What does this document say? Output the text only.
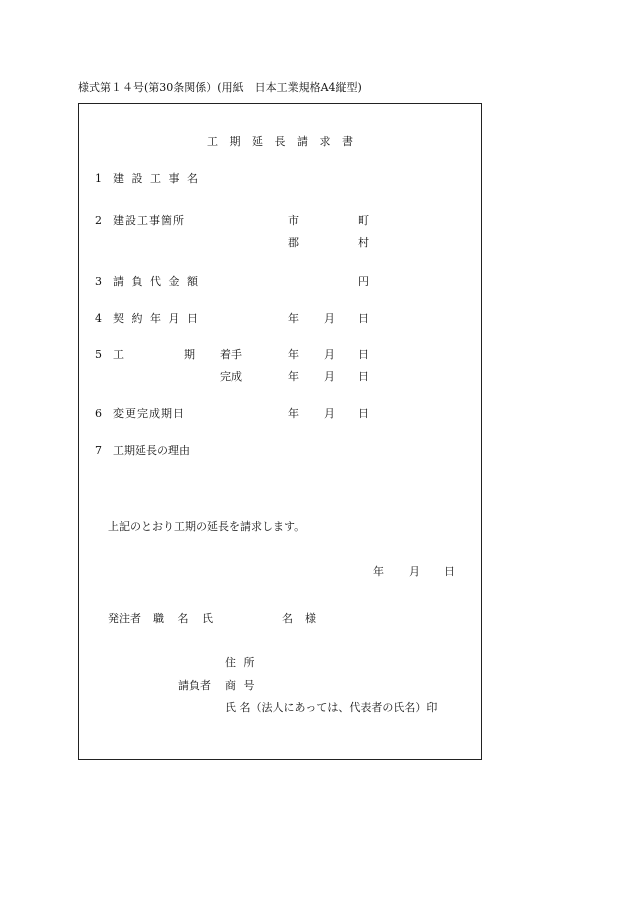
様式第１４号(第30条関係）(用紙　日本工業規格A4縦型)
工 期 延 長 請 求 書
1 建 設 工 事 名
2 建設工事箇所	市	町
郡	村
3 請 負 代 金 額	円
4 契 約 年 月 日	年 月 日
5 工	期 着手	年 月 日
完成	年 月 日
6 変更完成期日	年 月 日
7 工期延長の理由
上記のとおり工期の延長を請求します。
年 月 日
発注者 職 名 氏	名 様
住 所
請負者 商 号
氏 名（法人にあっては、代表者の氏名）印
